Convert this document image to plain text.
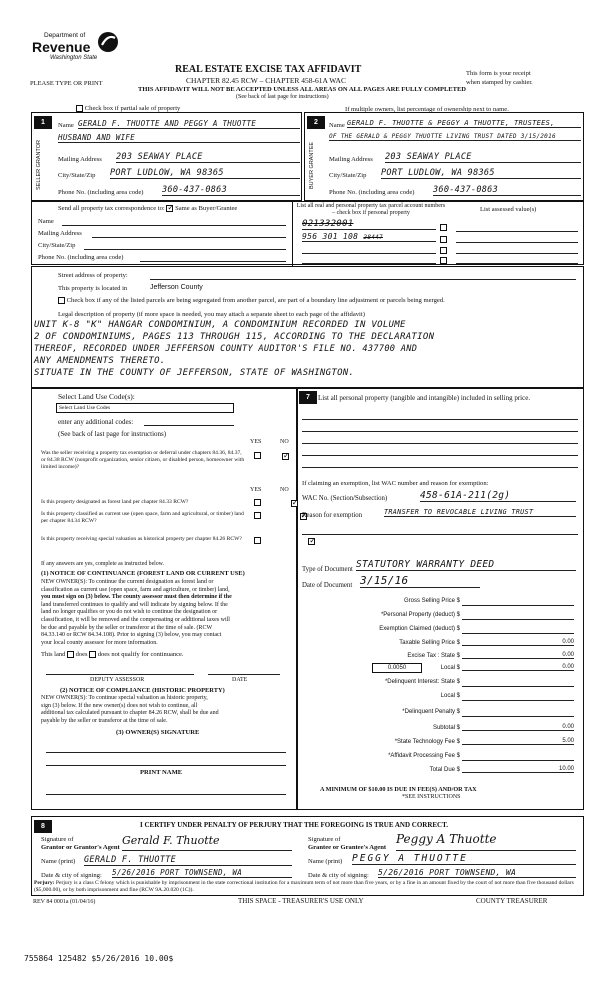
Department of
Revenue
Washington State
PLEASE TYPE OR PRINT
REAL ESTATE EXCISE TAX AFFIDAVIT
CHAPTER 82.45 RCW – CHAPTER 458-61A WAC
THIS AFFIDAVIT WILL NOT BE ACCEPTED UNLESS ALL AREAS ON ALL PAGES ARE FULLY COMPLETED
(See back of last page for instructions)
This form is your receipt
when stamped by cashier.
Check box if partial sale of property	If multiple owners, list percentage of ownership next to name.
1
SELLER GRANTOR
Name GERALD F. THUOTTE AND PEGGY A THUOTTE
HUSBAND AND WIFE
Mailing Address 203 SEAWAY PLACE
City/State/Zip PORT LUDLOW, WA 98365
Phone No. (including area code) 360-437-0863
2
BUYER GRANTEE
Name GERALD F. THUOTTE & PEGGY A THUOTTE, TRUSTEES,
OF THE GERALD & PEGGY THUOTTE LIVING TRUST DATED 3/15/2016
Mailing Address 203 SEAWAY PLACE
City/State/Zip PORT LUDLOW, WA 98365
Phone No. (including area code) 360-437-0863
Send all property tax correspondence to: ✓ Same as Buyer/Grantee
Name
Mailing Address
City/State/Zip
Phone No. (including area code)
List all real and personal property tax parcel account numbers – check box if personal property	List assessed value(s)
021332001
956 301 108 28447
Street address of property:
This property is located in	Jefferson County
Check box if any of the listed parcels are being segregated from another parcel, are part of a boundary line adjustment or parcels being merged.
Legal description of property (if more space is needed, you may attach a separate sheet to each page of the affidavit)
UNIT K-8 "K" HANGAR CONDOMINIUM, A CONDOMINIUM RECORDED IN VOLUME
2 OF CONDOMINIUMS, PAGES 113 THROUGH 115, ACCORDING TO THE DECLARATION
THEREOF, RECORDED UNDER JEFFERSON COUNTY AUDITOR'S FILE NO. 437700 AND
ANY AMENDMENTS THERETO.
SITUATE IN THE COUNTY OF JEFFERSON, STATE OF WASHINGTON.
Select Land Use Code(s):
Select Land Use Codes
enter any additional codes:
(See back of last page for instructions)
YES	NO
Was the seller receiving a property tax exemption or deferral under chapters 84.36, 84.37, or 84.38 RCW (nonprofit organization, senior citizen, or disabled person, homeowner with limited income)?
✓
YES	NO
Is this property designated as forest land per chapter 84.33 RCW?
✓
Is this property classified as current use (open space, farm and agricultural, or timber) land per chapter 84.34 RCW?
✓
Is this property receiving special valuation as historical property per chapter 84.26 RCW?
✓
If any answers are yes, complete as instructed below.
(1) NOTICE OF CONTINUANCE (FOREST LAND OR CURRENT USE)
NEW OWNER(S): To continue the current designation as forest land or
classification as current use (open space, farm and agriculture, or timber) land,
you must sign on (3) below. The county assessor must then determine if the
land transferred continues to qualify and will indicate by signing below. If the
land no longer qualifies or you do not wish to continue the designation or
classification, it will be removed and the compensating or additional taxes will
be due and payable by the seller or transferor at the time of sale. (RCW
84.33.140 or RCW 84.34.108). Prior to signing (3) below, you may contact
your local county assessor for more information.
This land does does not qualify for continuance.
DEPUTY ASSESSOR	DATE
(2) NOTICE OF COMPLIANCE (HISTORIC PROPERTY)
NEW OWNER(S): To continue special valuation as historic property,
sign (3) below. If the new owner(s) does not wish to continue, all
additional tax calculated pursuant to chapter 84.26 RCW, shall be due and
payable by the seller or transferor at the time of sale.
(3) OWNER(S) SIGNATURE
PRINT NAME
7	List all personal property (tangible and intangible) included in selling price.
If claiming an exemption, list WAC number and reason for exemption:
WAC No. (Section/Subsection)	458-61A-211(2g)
Reason for exemption	TRANSFER TO REVOCABLE LIVING TRUST
Type of Document STATUTORY WARRANTY DEED
Date of Document 3/15/16
Gross Selling Price $
*Personal Property (deduct) $
Exemption Claimed (deduct) $
Taxable Selling Price $	0.00
Excise Tax : State $	0.00
0.0050	Local $	0.00
*Delinquent Interest: State $
Local $
*Delinquent Penalty $
Subtotal $	0.00
*State Technology Fee $	5.00
*Affidavit Processing Fee $
Total Due $	10.00
A MINIMUM OF $10.00 IS DUE IN FEE(S) AND/OR TAX
*SEE INSTRUCTIONS
8	I CERTIFY UNDER PENALTY OF PERJURY THAT THE FOREGOING IS TRUE AND CORRECT.
Signature of
Grantor or Grantor's Agent
Gerald F. Thuotte
Name (print) GERALD F. THUOTTE
Date & city of signing: 5/26/2016 PORT TOWNSEND, WA
Signature of
Grantee or Grantee's Agent
Peggy A Thuotte
Name (print) PEGGY A THUOTTE
Date & city of signing: 5/26/2016 PORT TOWNSEND, WA
Perjury: Perjury is a class C felony which is punishable by imprisonment in the state correctional institution for a maximum term of not more than five years, or by a fine in an amount fixed by the court of not more than five thousand dollars ($5,000.00), or by both imprisonment and fine (RCW 9A.20.020 (1C)).
REV 84 0001a (01/04/16)	THIS SPACE - TREASURER'S USE ONLY	COUNTY TREASURER
755864 125482 $5/26/2016 10.00$
